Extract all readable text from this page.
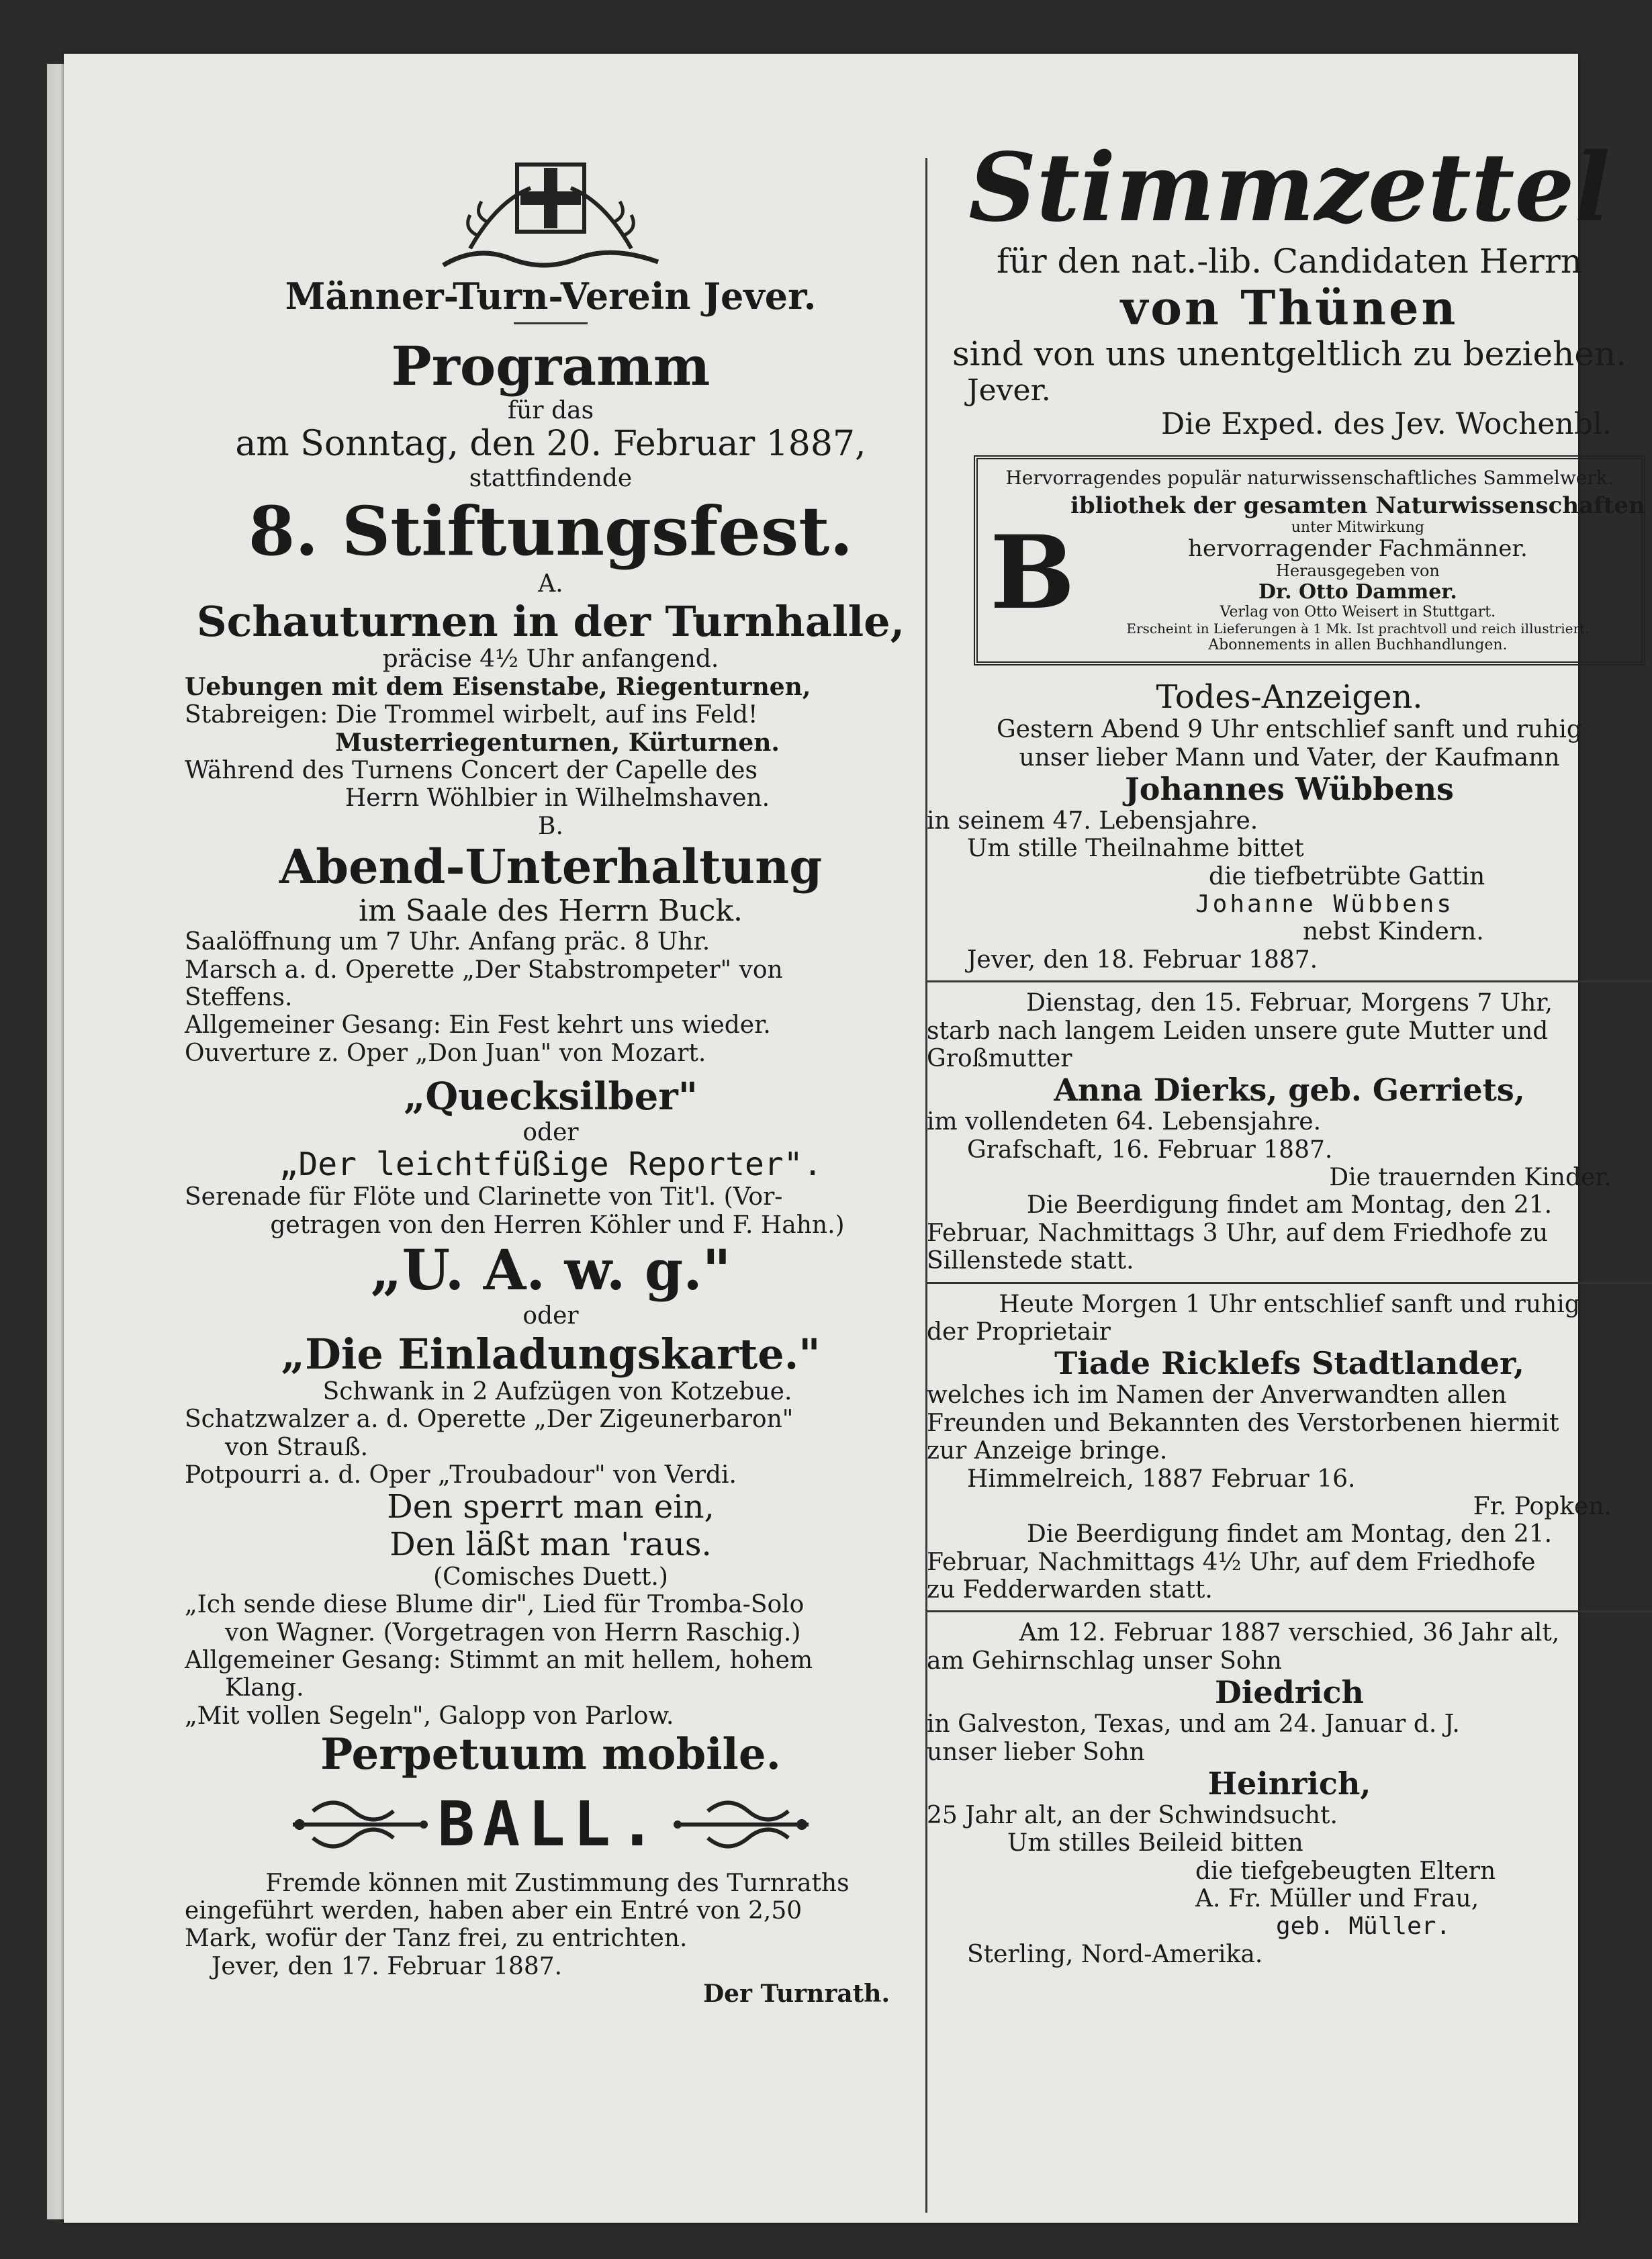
Männer-Turn-Verein Jever.
Programm
für das
am Sonntag, den 20. Februar 1887,
stattfindende
8. Stiftungsfest.
A.
Schauturnen in der Turnhalle,
präcise 4½ Uhr anfangend.
Uebungen mit dem Eisenstabe, Riegenturnen,
Stabreigen: Die Trommel wirbelt, auf ins Feld!
Musterriegenturnen, Kürturnen.
Während des Turnens Concert der Capelle des
Herrn Wöhlbier in Wilhelmshaven.
B.
Abend-Unterhaltung
im Saale des Herrn Buck.
Saalöffnung um 7 Uhr. Anfang präc. 8 Uhr.
Marsch a. d. Operette „Der Stabstrompeter" von
Steffens.
Allgemeiner Gesang: Ein Fest kehrt uns wieder.
Ouverture z. Oper „Don Juan" von Mozart.
„Quecksilber"
oder
„Der leichtfüßige Reporter".
Serenade für Flöte und Clarinette von Tit'l. (Vor-
getragen von den Herren Köhler und F. Hahn.)
„U. A. w. g."
oder
„Die Einladungskarte."
Schwank in 2 Aufzügen von Kotzebue.
Schatzwalzer a. d. Operette „Der Zigeunerbaron"
von Strauß.
Potpourri a. d. Oper „Troubadour" von Verdi.
Den sperrt man ein,
Den läßt man 'raus.
(Comisches Duett.)
„Ich sende diese Blume dir", Lied für Tromba-Solo
von Wagner. (Vorgetragen von Herrn Raschig.)
Allgemeiner Gesang: Stimmt an mit hellem, hohem
Klang.
„Mit vollen Segeln", Galopp von Parlow.
Perpetuum mobile.
BALL.
Fremde können mit Zustimmung des Turnraths
eingeführt werden, haben aber ein Entré von 2,50
Mark, wofür der Tanz frei, zu entrichten.
Jever, den 17. Februar 1887.
Der Turnrath.
Stimmzettel
für den nat.-lib. Candidaten Herrn
von Thünen
sind von uns unentgeltlich zu beziehen.
Jever.
Die Exped. des Jev. Wochenbl.
Hervorragendes populär naturwissenschaftliches Sammelwerk.
B
ibliothek der gesamten Naturwissenschaften
unter Mitwirkung
hervorragender Fachmänner.
Herausgegeben von
Dr. Otto Dammer.
Verlag von Otto Weisert in Stuttgart.
Erscheint in Lieferungen à 1 Mk. Ist prachtvoll und reich illustriert.
Abonnements in allen Buchhandlungen.
Todes-Anzeigen.
Gestern Abend 9 Uhr entschlief sanft und ruhig
unser lieber Mann und Vater, der Kaufmann
Johannes Wübbens
in seinem 47. Lebensjahre.
Um stille Theilnahme bittet
die tiefbetrübte Gattin
Johanne Wübbens
nebst Kindern.
Jever, den 18. Februar 1887.
Dienstag, den 15. Februar, Morgens 7 Uhr,
starb nach langem Leiden unsere gute Mutter und
Großmutter
Anna Dierks, geb. Gerriets,
im vollendeten 64. Lebensjahre.
Grafschaft, 16. Februar 1887.
Die trauernden Kinder.
Die Beerdigung findet am Montag, den 21.
Februar, Nachmittags 3 Uhr, auf dem Friedhofe zu
Sillenstede statt.
Heute Morgen 1 Uhr entschlief sanft und ruhig
der Proprietair
Tiade Ricklefs Stadtlander,
welches ich im Namen der Anverwandten allen
Freunden und Bekannten des Verstorbenen hiermit
zur Anzeige bringe.
Himmelreich, 1887 Februar 16.
Fr. Popken.
Die Beerdigung findet am Montag, den 21.
Februar, Nachmittags 4½ Uhr, auf dem Friedhofe
zu Fedderwarden statt.
Am 12. Februar 1887 verschied, 36 Jahr alt,
am Gehirnschlag unser Sohn
Diedrich
in Galveston, Texas, und am 24. Januar d. J.
unser lieber Sohn
Heinrich,
25 Jahr alt, an der Schwindsucht.
Um stilles Beileid bitten
die tiefgebeugten Eltern
A. Fr. Müller und Frau,
geb. Müller.
Sterling, Nord-Amerika.
